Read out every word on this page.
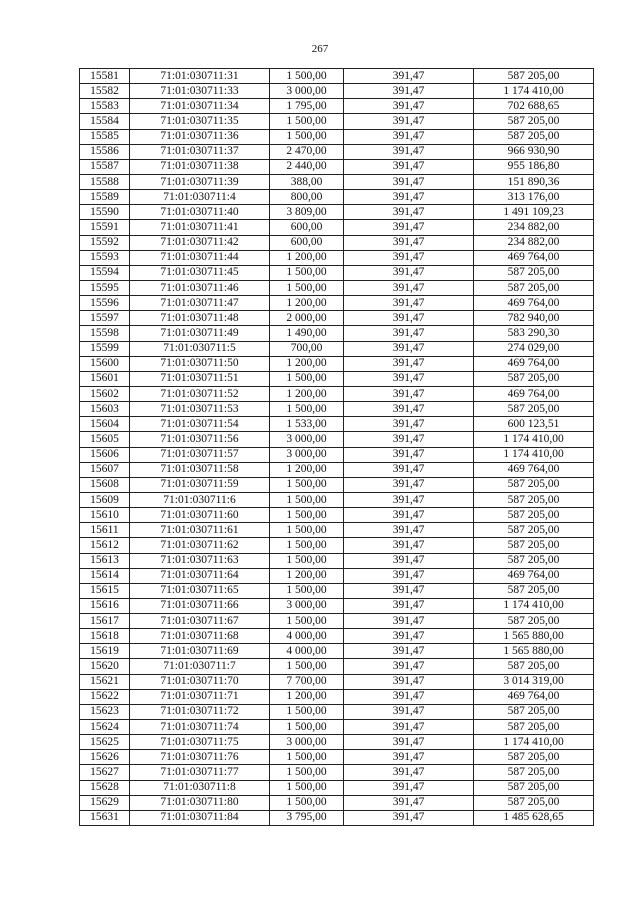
267
15581	71:01:030711:31	1 500,00	391,47	587 205,00
15582	71:01:030711:33	3 000,00	391,47	1 174 410,00
15583	71:01:030711:34	1 795,00	391,47	702 688,65
15584	71:01:030711:35	1 500,00	391,47	587 205,00
15585	71:01:030711:36	1 500,00	391,47	587 205,00
15586	71:01:030711:37	2 470,00	391,47	966 930,90
15587	71:01:030711:38	2 440,00	391,47	955 186,80
15588	71:01:030711:39	388,00	391,47	151 890,36
15589	71:01:030711:4	800,00	391,47	313 176,00
15590	71:01:030711:40	3 809,00	391,47	1 491 109,23
15591	71:01:030711:41	600,00	391,47	234 882,00
15592	71:01:030711:42	600,00	391,47	234 882,00
15593	71:01:030711:44	1 200,00	391,47	469 764,00
15594	71:01:030711:45	1 500,00	391,47	587 205,00
15595	71:01:030711:46	1 500,00	391,47	587 205,00
15596	71:01:030711:47	1 200,00	391,47	469 764,00
15597	71:01:030711:48	2 000,00	391,47	782 940,00
15598	71:01:030711:49	1 490,00	391,47	583 290,30
15599	71:01:030711:5	700,00	391,47	274 029,00
15600	71:01:030711:50	1 200,00	391,47	469 764,00
15601	71:01:030711:51	1 500,00	391,47	587 205,00
15602	71:01:030711:52	1 200,00	391,47	469 764,00
15603	71:01:030711:53	1 500,00	391,47	587 205,00
15604	71:01:030711:54	1 533,00	391,47	600 123,51
15605	71:01:030711:56	3 000,00	391,47	1 174 410,00
15606	71:01:030711:57	3 000,00	391,47	1 174 410,00
15607	71:01:030711:58	1 200,00	391,47	469 764,00
15608	71:01:030711:59	1 500,00	391,47	587 205,00
15609	71:01:030711:6	1 500,00	391,47	587 205,00
15610	71:01:030711:60	1 500,00	391,47	587 205,00
15611	71:01:030711:61	1 500,00	391,47	587 205,00
15612	71:01:030711:62	1 500,00	391,47	587 205,00
15613	71:01:030711:63	1 500,00	391,47	587 205,00
15614	71:01:030711:64	1 200,00	391,47	469 764,00
15615	71:01:030711:65	1 500,00	391,47	587 205,00
15616	71:01:030711:66	3 000,00	391,47	1 174 410,00
15617	71:01:030711:67	1 500,00	391,47	587 205,00
15618	71:01:030711:68	4 000,00	391,47	1 565 880,00
15619	71:01:030711:69	4 000,00	391,47	1 565 880,00
15620	71:01:030711:7	1 500,00	391,47	587 205,00
15621	71:01:030711:70	7 700,00	391,47	3 014 319,00
15622	71:01:030711:71	1 200,00	391,47	469 764,00
15623	71:01:030711:72	1 500,00	391,47	587 205,00
15624	71:01:030711:74	1 500,00	391,47	587 205,00
15625	71:01:030711:75	3 000,00	391,47	1 174 410,00
15626	71:01:030711:76	1 500,00	391,47	587 205,00
15627	71:01:030711:77	1 500,00	391,47	587 205,00
15628	71:01:030711:8	1 500,00	391,47	587 205,00
15629	71:01:030711:80	1 500,00	391,47	587 205,00
15631	71:01:030711:84	3 795,00	391,47	1 485 628,65
